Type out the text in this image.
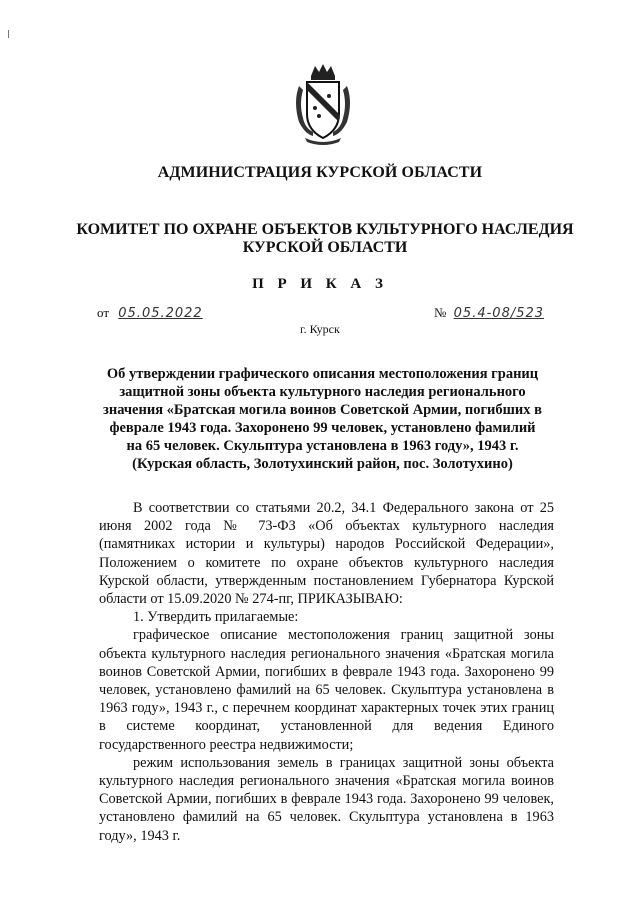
АДМИНИСТРАЦИЯ КУРСКОЙ ОБЛАСТИ
КОМИТЕТ ПО ОХРАНЕ ОБЪЕКТОВ КУЛЬТУРНОГО НАСЛЕДИЯ КУРСКОЙ ОБЛАСТИ
П Р И К А З
от 05.05.2022	№ 05.4-08/523
г. Курск
Об утверждении графического описания местоположения границ защитной зоны объекта культурного наследия регионального значения «Братская могила воинов Советской Армии, погибших в феврале 1943 года. Захоронено 99 человек, установлено фамилий на 65 человек. Скульптура установлена в 1963 году», 1943 г. (Курская область, Золотухинский район, пос. Золотухино)

В соответствии со статьями 20.2, 34.1 Федерального закона от 25 июня 2002 года № 73-ФЗ «Об объектах культурного наследия (памятниках истории и культуры) народов Российской Федерации», Положением о комитете по охране объектов культурного наследия Курской области, утвержденным постановлением Губернатора Курской области от 15.09.2020 № 274-пг, ПРИКАЗЫВАЮ:

1. Утвердить прилагаемые:

графическое описание местоположения границ защитной зоны объекта культурного наследия регионального значения «Братская могила воинов Советской Армии, погибших в феврале 1943 года. Захоронено 99 человек, установлено фамилий на 65 человек. Скульптура установлена в 1963 году», 1943 г., с перечнем координат характерных точек этих границ в системе координат, установленной для ведения Единого государственного реестра недвижимости;

режим использования земель в границах защитной зоны объекта культурного наследия регионального значения «Братская могила воинов Советской Армии, погибших в феврале 1943 года. Захоронено 99 человек, установлено фамилий на 65 человек. Скульптура установлена в 1963 году», 1943 г.
